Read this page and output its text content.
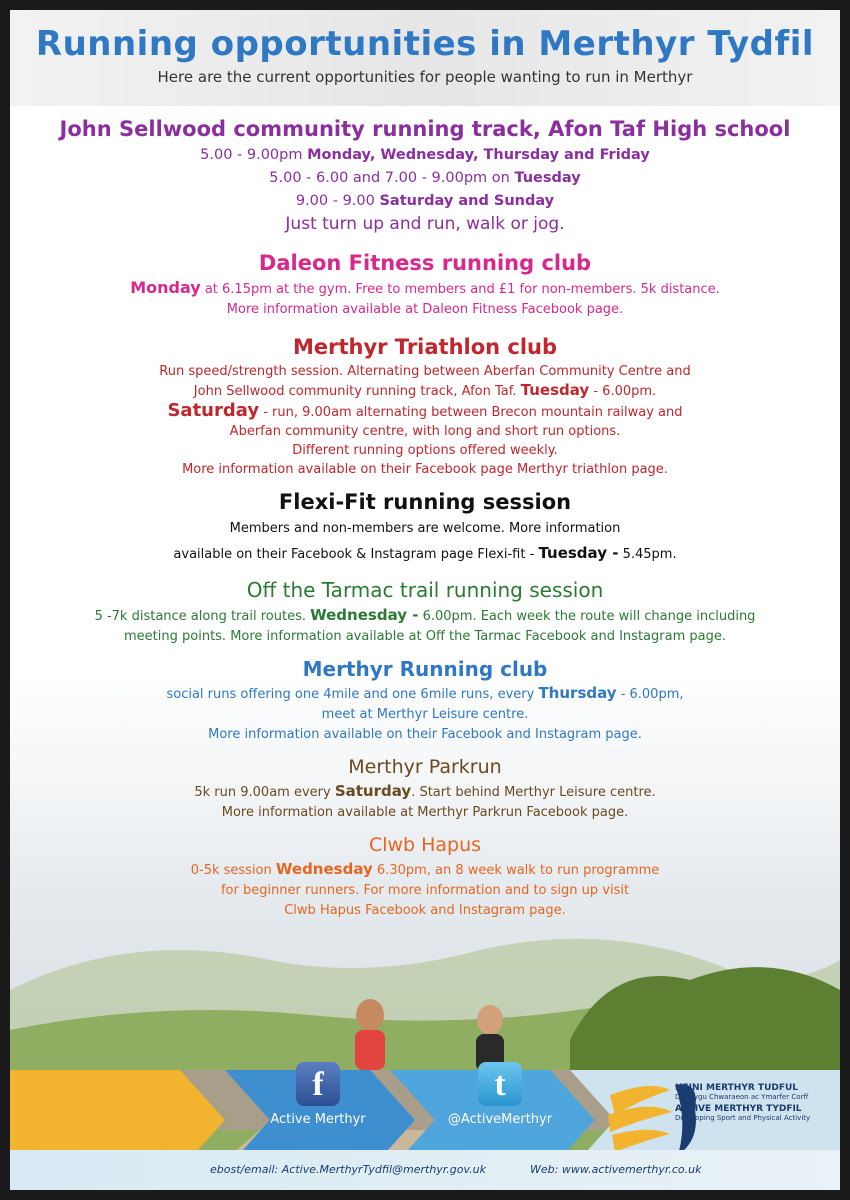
Running opportunities in Merthyr Tydfil

Here are the current opportunities for people wanting to run in Merthyr

John Sellwood community running track, Afon Taf High school

5.00 - 9.00pm Monday, Wednesday, Thursday and Friday

5.00 - 6.00 and 7.00 - 9.00pm on Tuesday

9.00 - 9.00 Saturday and Sunday

Just turn up and run, walk or jog.

Daleon Fitness running club

Monday at 6.15pm at the gym. Free to members and £1 for non-members. 5k distance.

More information available at Daleon Fitness Facebook page.

Merthyr Triathlon club

Run speed/strength session. Alternating between Aberfan Community Centre and

John Sellwood community running track, Afon Taf. Tuesday - 6.00pm.

Saturday - run, 9.00am alternating between Brecon mountain railway and

Aberfan community centre, with long and short run options.

Different running options offered weekly.

More information available on their Facebook page Merthyr triathlon page.

Flexi-Fit running session

Members and non-members are welcome. More information

available on their Facebook & Instagram page Flexi-fit - Tuesday - 5.45pm.

Off the Tarmac trail running session

5 -7k distance along trail routes. Wednesday - 6.00pm. Each week the route will change including

meeting points. More information available at Off the Tarmac Facebook and Instagram page.

Merthyr Running club

social runs offering one 4mile and one 6mile runs, every Thursday - 6.00pm,

meet at Merthyr Leisure centre.

More information available on their Facebook and Instagram page.

Merthyr Parkrun

5k run 9.00am every Saturday. Start behind Merthyr Leisure centre.

More information available at Merthyr Parkrun Facebook page.

Clwb Hapus

0-5k session Wednesday 6.30pm, an 8 week walk to run programme

for beginner runners. For more information and to sign up visit

Clwb Hapus Facebook and Instagram page.

f
Active Merthyr
t
@ActiveMerthyr
HEINI MERTHYR TUDFUL
Datblygu Chwaraeon ac Ymarfer Corff
ACTIVE MERTHYR TYDFIL
Developing Sport and Physical Activity
ebost/email: Active.MerthyrTydfil@merthyr.gov.uk	Web: www.activemerthyr.co.uk
